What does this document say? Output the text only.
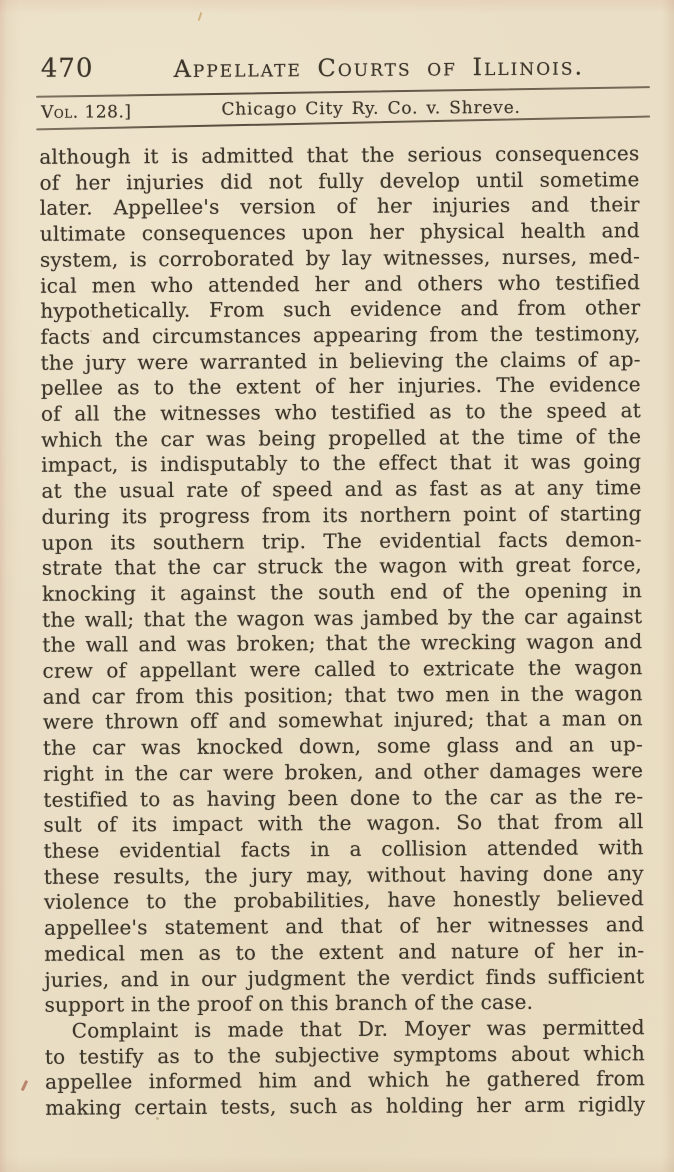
470	Appellate Courts of Illinois.
Vol. 128.]	Chicago City Ry. Co. v. Shreve.
although it is admitted that the serious consequences
of her injuries did not fully develop until sometime
later. Appellee's version of her injuries and their
ultimate consequences upon her physical health and
system, is corroborated by lay witnesses, nurses, med-
ical men who attended her and others who testified
hypothetically. From such evidence and from other
facts and circumstances appearing from the testimony,
the jury were warranted in believing the claims of ap-
pellee as to the extent of her injuries. The evidence
of all the witnesses who testified as to the speed at
which the car was being propelled at the time of the
impact, is indisputably to the effect that it was going
at the usual rate of speed and as fast as at any time
during its progress from its northern point of starting
upon its southern trip. The evidential facts demon-
strate that the car struck the wagon with great force,
knocking it against the south end of the opening in
the wall; that the wagon was jambed by the car against
the wall and was broken; that the wrecking wagon and
crew of appellant were called to extricate the wagon
and car from this position; that two men in the wagon
were thrown off and somewhat injured; that a man on
the car was knocked down, some glass and an up-
right in the car were broken, and other damages were
testified to as having been done to the car as the re-
sult of its impact with the wagon. So that from all
these evidential facts in a collision attended with
these results, the jury may, without having done any
violence to the probabilities, have honestly believed
appellee's statement and that of her witnesses and
medical men as to the extent and nature of her in-
juries, and in our judgment the verdict finds sufficient
support in the proof on this branch of the case.
Complaint is made that Dr. Moyer was permitted
to testify as to the subjective symptoms about which
appellee informed him and which he gathered from
making certain tests, such as holding her arm rigidly
